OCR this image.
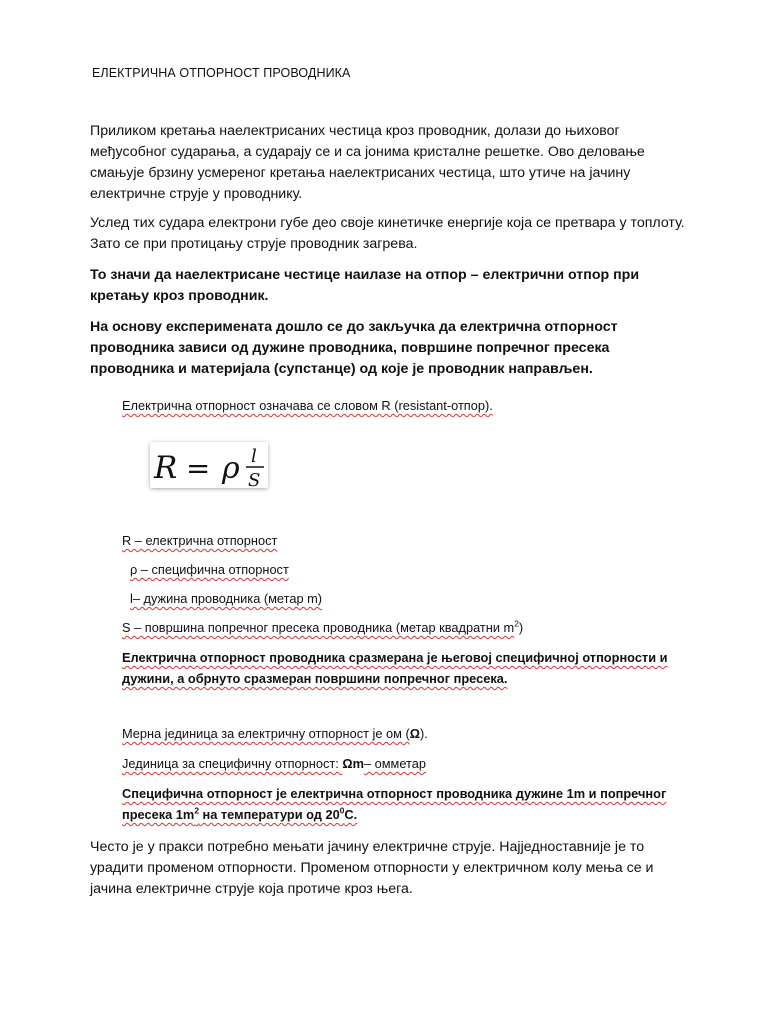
ЕЛЕКТРИЧНА ОТПОРНОСТ ПРОВОДНИКА
Приликом кретања наелектрисаних честица кроз проводник, долази до њиховог међусобног сударања, а сударају се и са јонима кристалне решетке. Ово деловање смањује брзину усмереног кретања наелектрисаних честица, што утиче на јачину електричне струје у проводнику.
Услед тих судара електрони губе део своје кинетичке енергије која се претвара у топлоту. Зато се при протицању струје проводник загрева.
То значи да наелектрисане честице наилазе на отпор – електрични отпор при кретању кроз проводник.
На основу експеримената дошло се до закључка да електрична отпорност проводника зависи од дужине проводника, површине попречног пресека проводника и материјала (супстанце) од које је проводник направљен.
Електрична отпорност означава се словом R (resistant-отпор).
R = ρ l
S
R – електрична отпорност
ρ – специфична отпорност
l– дужина проводника (метар m)
S – површина попречног пресека проводника (метар квадратни $m^2$)
Електрична отпорност проводника сразмерана је његовој специфичној отпорности и дужини, а обрнуто сразмеран површини попречног пресека.
Мерна јединица за електричну отпорност је ом (Ω).
Јединица за специфичну отпорност: Ωm– омметар
Специфична отпорност је електрична отпорност проводника дужине 1m и попречног пресека $1m^2$ на температури од $20^0C$.
Често је у пракси потребно мењати јачину електричне струје. Најједноставније је то урадити променом отпорности. Променом отпорности у електричном колу мења се и јачина електричне струје која протиче кроз њега.
